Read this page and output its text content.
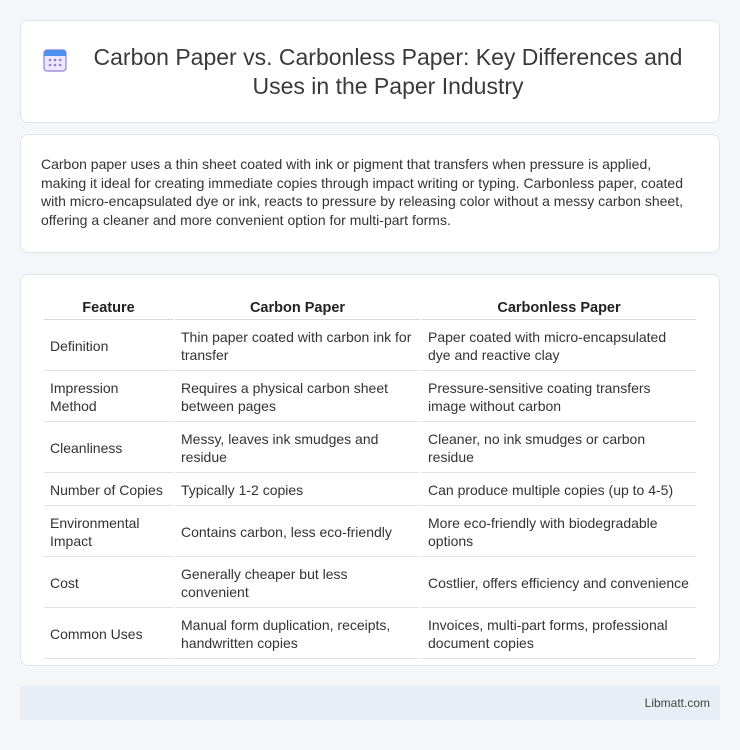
Carbon Paper vs. Carbonless Paper: Key Differences and Uses in the Paper Industry

Carbon paper uses a thin sheet coated with ink or pigment that transfers when pressure is applied, making it ideal for creating immediate copies through impact writing or typing. Carbonless paper, coated with micro-encapsulated dye or ink, reacts to pressure by releasing color without a messy carbon sheet, offering a cleaner and more convenient option for multi-part forms.

Feature	Carbon Paper	Carbonless Paper
Definition	Thin paper coated with carbon ink for transfer	Paper coated with micro-encapsulated dye and reactive clay
Impression Method	Requires a physical carbon sheet between pages	Pressure-sensitive coating transfers image without carbon
Cleanliness	Messy, leaves ink smudges and residue	Cleaner, no ink smudges or carbon residue
Number of Copies	Typically 1-2 copies	Can produce multiple copies (up to 4-5)
Environmental Impact	Contains carbon, less eco-friendly	More eco-friendly with biodegradable options
Cost	Generally cheaper but less convenient	Costlier, offers efficiency and convenience
Common Uses	Manual form duplication, receipts, handwritten copies	Invoices, multi-part forms, professional document copies
Libmatt.com
